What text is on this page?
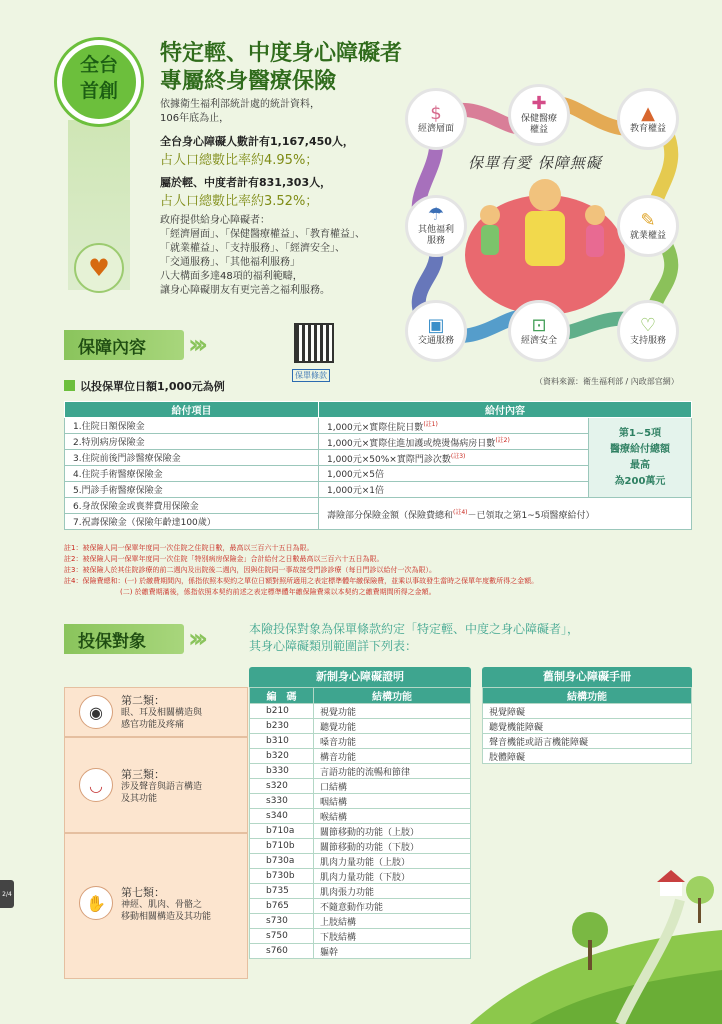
全台
首創
♥
特定輕、中度身心障礙者
專屬終身醫療保險
依據衛生福利部統計處的統計資料，
106年底為止，
全台身心障礙人數計有1,167,450人，
占人口總數比率約4.95%；
屬於輕、中度者計有831,303人，
占人口總數比率約3.52%；
政府提供給身心障礙者：
「經濟層面」、「保健醫療權益」、「教育權益」、
「就業權益」、「支持服務」、「經濟安全」、
「交通服務」、「其他福利服務」
八大構面多達48項的福利範疇，
讓身心障礙朋友有更完善之福利服務。
保單有愛 保障無礙
$
經濟層面
✚
保健醫療
權益
▲
教育權益
☂
其他福利
服務
✎
就業權益
▣
交通服務
⊡
經濟安全
♡
支持服務
（資料來源：衛生福利部 / 內政部官網）
保障內容	›››
保單條款
以投保單位日額1,000元為例
給付項目	給付內容	
1.住院日額保險金	1,000元×實際住院日數$^{(註1)}$	第1~5項
醫療給付總額
最高
為200萬元

2.特別病房保險金	1,000元×實際住進加護或燒燙傷病房日數$^{(註2)}$
3.住院前後門診醫療保險金	1,000元×50%×實際門診次數$^{(註3)}$
4.住院手術醫療保險金	1,000元×5倍	
5.門診手術醫療保險金	1,000元×1倍	
6.身故保險金或喪葬費用保險金	壽險部分保險金額（保險費總和$^{(註4)}$－已領取之第1~5項醫療給付）	
7.祝壽保險金（保險年齡達100歲）		
註1：被保險人同一保單年度同一次住院之住院日數，最高以三百六十五日為限。
註2：被保險人同一保單年度同一次住院「特別病房保險金」合計給付之日數最高以三百六十五日為限。
註3：被保險人於其住院診療的前二週內及出院後二週內，因與住院同一事故接受門診診療（每日門診以給付一次為限）。
註4：保險費總和：(一) 於繳費期間內，係指依照本契約之單位日額對照所適用之表定標準體年繳保險費，並乘以事故發生當時之保單年度數所得之金額。
　　　　　　　　(二) 於繳費期滿後，係指依照本契約前述之表定標準體年繳保險費乘以本契約之繳費期間所得之金額。
投保對象	›››	本險投保對象為保單條款約定「特定輕、中度之身心障礙者」，
其身心障礙類別範圍詳下列表：
新制身心障礙證明	舊制身心障礙手冊
◉
第二類：
眼、耳及相關構造與
感官功能及疼痛
◡
第三類：
涉及聲音與語言構造
及其功能
✋
第七類：
神經、肌肉、骨骼之
移動相關構造及其功能
編　碼	結構功能
b210	視覺功能
b230	聽覺功能
b310	嗓音功能
b320	構音功能
b330	言語功能的流暢和節律
s320	口結構
s330	咽結構
s340	喉結構
b710a	關節移動的功能（上肢）
b710b	關節移動的功能（下肢）
b730a	肌肉力量功能（上肢）
b730b	肌肉力量功能（下肢）
b735	肌肉張力功能
b765	不隨意動作功能
s730	上肢結構
s750	下肢結構
s760	軀幹
結構功能
視覺障礙
聽覺機能障礙
聲音機能或語言機能障礙
肢體障礙
2/4
